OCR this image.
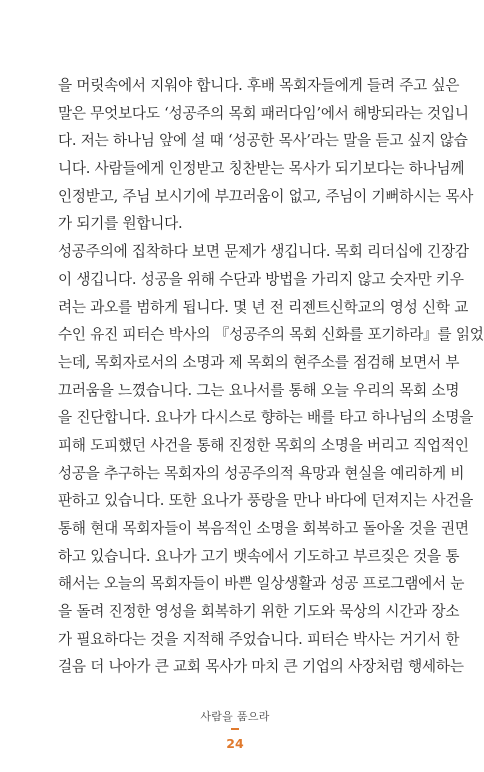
을 머릿속에서 지워야 합니다. 후배 목회자들에게 들려 주고 싶은
말은 무엇보다도 ‘성공주의 목회 패러다임’에서 해방되라는 것입니
다. 저는 하나님 앞에 설 때 ‘성공한 목사’라는 말을 듣고 싶지 않습
니다. 사람들에게 인정받고 칭찬받는 목사가 되기보다는 하나님께
인정받고, 주님 보시기에 부끄러움이 없고, 주님이 기뻐하시는 목사
가 되기를 원합니다.
성공주의에 집착하다 보면 문제가 생깁니다. 목회 리더십에 긴장감
이 생깁니다. 성공을 위해 수단과 방법을 가리지 않고 숫자만 키우
려는 과오를 범하게 됩니다. 몇 년 전 리젠트신학교의 영성 신학 교
수인 유진 피터슨 박사의 『성공주의 목회 신화를 포기하라』를 읽었
는데, 목회자로서의 소명과 제 목회의 현주소를 점검해 보면서 부
끄러움을 느꼈습니다. 그는 요나서를 통해 오늘 우리의 목회 소명
을 진단합니다. 요나가 다시스로 향하는 배를 타고 하나님의 소명을
피해 도피했던 사건을 통해 진정한 목회의 소명을 버리고 직업적인
성공을 추구하는 목회자의 성공주의적 욕망과 현실을 예리하게 비
판하고 있습니다. 또한 요나가 풍랑을 만나 바다에 던져지는 사건을
통해 현대 목회자들이 복음적인 소명을 회복하고 돌아올 것을 권면
하고 있습니다. 요나가 고기 뱃속에서 기도하고 부르짖은 것을 통
해서는 오늘의 목회자들이 바쁜 일상생활과 성공 프로그램에서 눈
을 돌려 진정한 영성을 회복하기 위한 기도와 묵상의 시간과 장소
가 필요하다는 것을 지적해 주었습니다. 피터슨 박사는 거기서 한
걸음 더 나아가 큰 교회 목사가 마치 큰 기업의 사장처럼 행세하는
사람을 품으라
24
